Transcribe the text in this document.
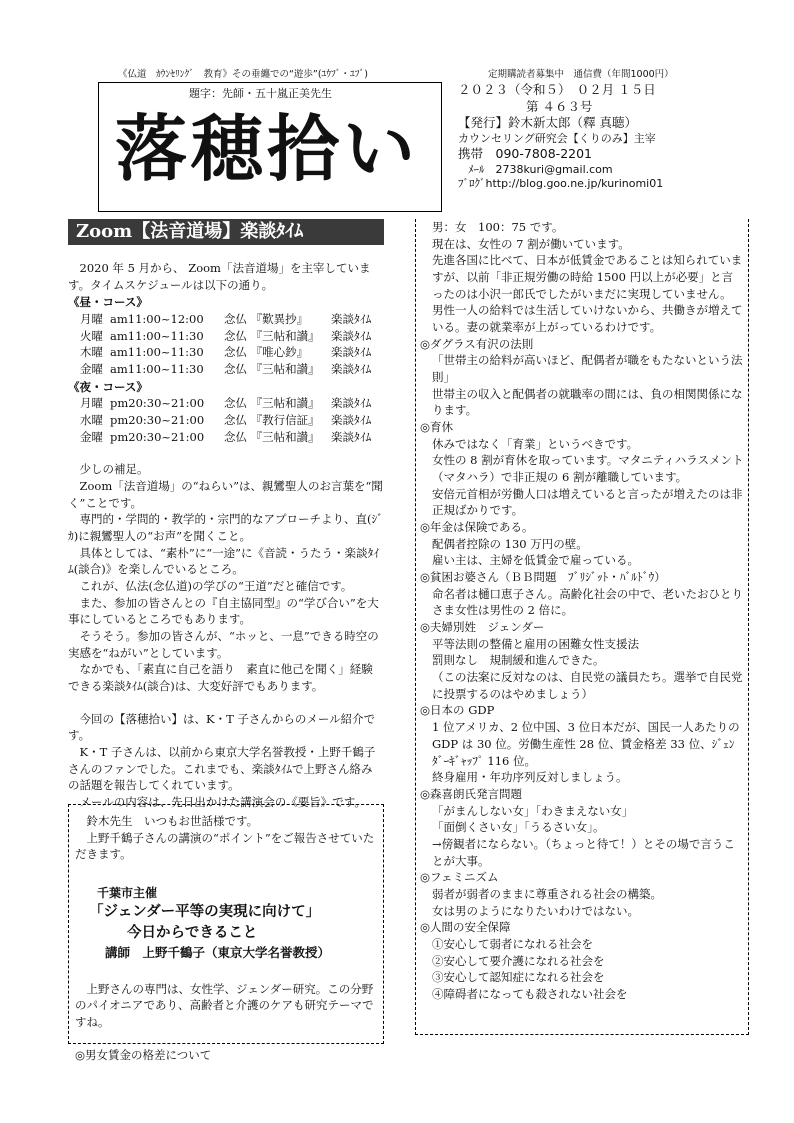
《仏道　ｶｳﾝｾﾘﾝｸﾞ　教育》その垂纏での“遊歩”(ﾕｳﾌﾞ・ﾕﾌﾞ)	定期購読者募集中　通信費（年間1000円）
題字：先師・五十嵐正美先生
落穂拾い
２０２３（令和５）　０２月 １５日
第 ４６３号
【発行】鈴木新太郎（釋 真聴）
カウンセリング研究会【くりのみ】主宰
携帯　090-7808-2201
ﾒｰﾙ　2738kuri@gmail.com
ﾌﾞﾛｸﾞhttp://blog.goo.ne.jp/kurinomi01
Zoom【法音道場】楽談ﾀｲﾑ
2020 年 5 月から、 Zoom「法音道場」を主宰しています。タイムスケジュールは以下の通り。
《昼・コース》
月曜 am11:00~12:00	念仏 『歎異抄』	楽談ﾀｲﾑ
火曜 am11:00~11:30	念仏 『三帖和讃』 楽談ﾀｲﾑ
木曜 am11:00~11:30	念仏 『唯心鈔』	楽談ﾀｲﾑ
金曜 am11:00~11:30	念仏 『三帖和讃』 楽談ﾀｲﾑ
《夜・コース》
月曜 pm20:30~21:00	念仏 『三帖和讃』 楽談ﾀｲﾑ
水曜 pm20:30~21:00	念仏 『教行信証』 楽談ﾀｲﾑ
金曜 pm20:30~21:00	念仏 『三帖和讃』 楽談ﾀｲﾑ
少しの補足。
Zoom「法音道場」の“ねらい”は、親鸞聖人のお言葉を“聞く”ことです。
専門的・学問的・教学的・宗門的なアプローチより、直(ｼﾞｶ)に親鸞聖人の“お声”を聞くこと。
具体としては、“素朴”に“一途”に《音読・うたう・楽談ﾀｲﾑ(談合)》を楽しんでいるところ。
これが、仏法(念仏道)の学びの“王道”だと確信です。
また、参加の皆さんとの『自主協同型』の“学び合い”を大事にしているところでもあります。
そうそう。参加の皆さんが、“ホッと、一息”できる時空の実感を“ねがい”としています。
なかでも、「素直に自己を語り　素直に他己を聞く」経験できる楽談ﾀｲﾑ(談合)は、大変好評でもあります。
今回の【落穂拾い】は、K・T 子さんからのメール紹介です。
K・T 子さんは、以前から東京大学名誉教授・上野千鶴子さんのファンでした。これまでも、楽談ﾀｲﾑで上野さん絡みの話題を報告してくれています。
メールの内容は、先日出かけた講演会の《要旨》です。
鈴木先生　いつもお世話様です。
上野千鶴子さんの講演の“ポイント”をご報告させていただきます。
千葉市主催
「ジェンダー平等の実現に向けて」
今日からできること
講師　上野千鶴子（東京大学名誉教授）
上野さんの専門は、女性学、ジェンダー研究。この分野のパイオニアであり、高齢者と介護のケアも研究テーマですね。
◎男女賃金の格差について
男：女　100：75 です。
現在は、女性の 7 割が働いています。
先進各国に比べて、日本が低賃金であることは知られていますが、以前「非正規労働の時給 1500 円以上が必要」と言ったのは小沢一郎氏でしたがいまだに実現していません。
男性一人の給料では生活していけないから、共働きが増えている。妻の就業率が上がっているわけです。
◎ダグラス有沢の法則
「世帯主の給料が高いほど、配偶者が職をもたないという法則」
世帯主の収入と配偶者の就職率の間には、負の相関関係になります。
◎育休
休みではなく「育業」というべきです。
女性の 8 割が育休を取っています。マタニティハラスメント（マタハラ）で非正規の 6 割が離職しています。
安倍元首相が労働人口は増えていると言ったが増えたのは非正規ばかりです。
◎年金は保険である。
配偶者控除の 130 万円の壁。
雇い主は、主婦を低賃金で雇っている。
◎貧困お婆さん（ＢＢ問題　ﾌﾞﾘｼﾞｯﾄ・ﾊﾞﾙﾄﾞｳ）
命名者は樋口恵子さん。高齢化社会の中で、老いたおひとりさま女性は男性の 2 倍に。
◎夫婦別姓　ジェンダー
平等法則の整備と雇用の困難女性支援法
罰則なし　規制緩和進んできた。
（この法案に反対なのは、自民党の議員たち。選挙で自民党に投票するのはやめましょう）
◎日本の GDP
1 位アメリカ、2 位中国、3 位日本だが、国民一人あたりの GDP は 30 位。労働生産性 28 位、賃金格差 33 位、ｼﾞｪﾝﾀﾞｰｷﾞｬｯﾌﾟ 116 位。
終身雇用・年功序列反対しましょう。
◎森喜朗氏発言問題
「がまんしない女」「わきまえない女」
「面倒くさい女」「うるさい女」。
→傍観者にならない。（ちょっと待て！）とその場で言うことが大事。
◎フェミニズム
弱者が弱者のままに尊重される社会の構築。
女は男のようになりたいわけではない。
◎人間の安全保障
①安心して弱者になれる社会を
②安心して要介護になれる社会を
③安心して認知症になれる社会を
④障碍者になっても殺されない社会を
